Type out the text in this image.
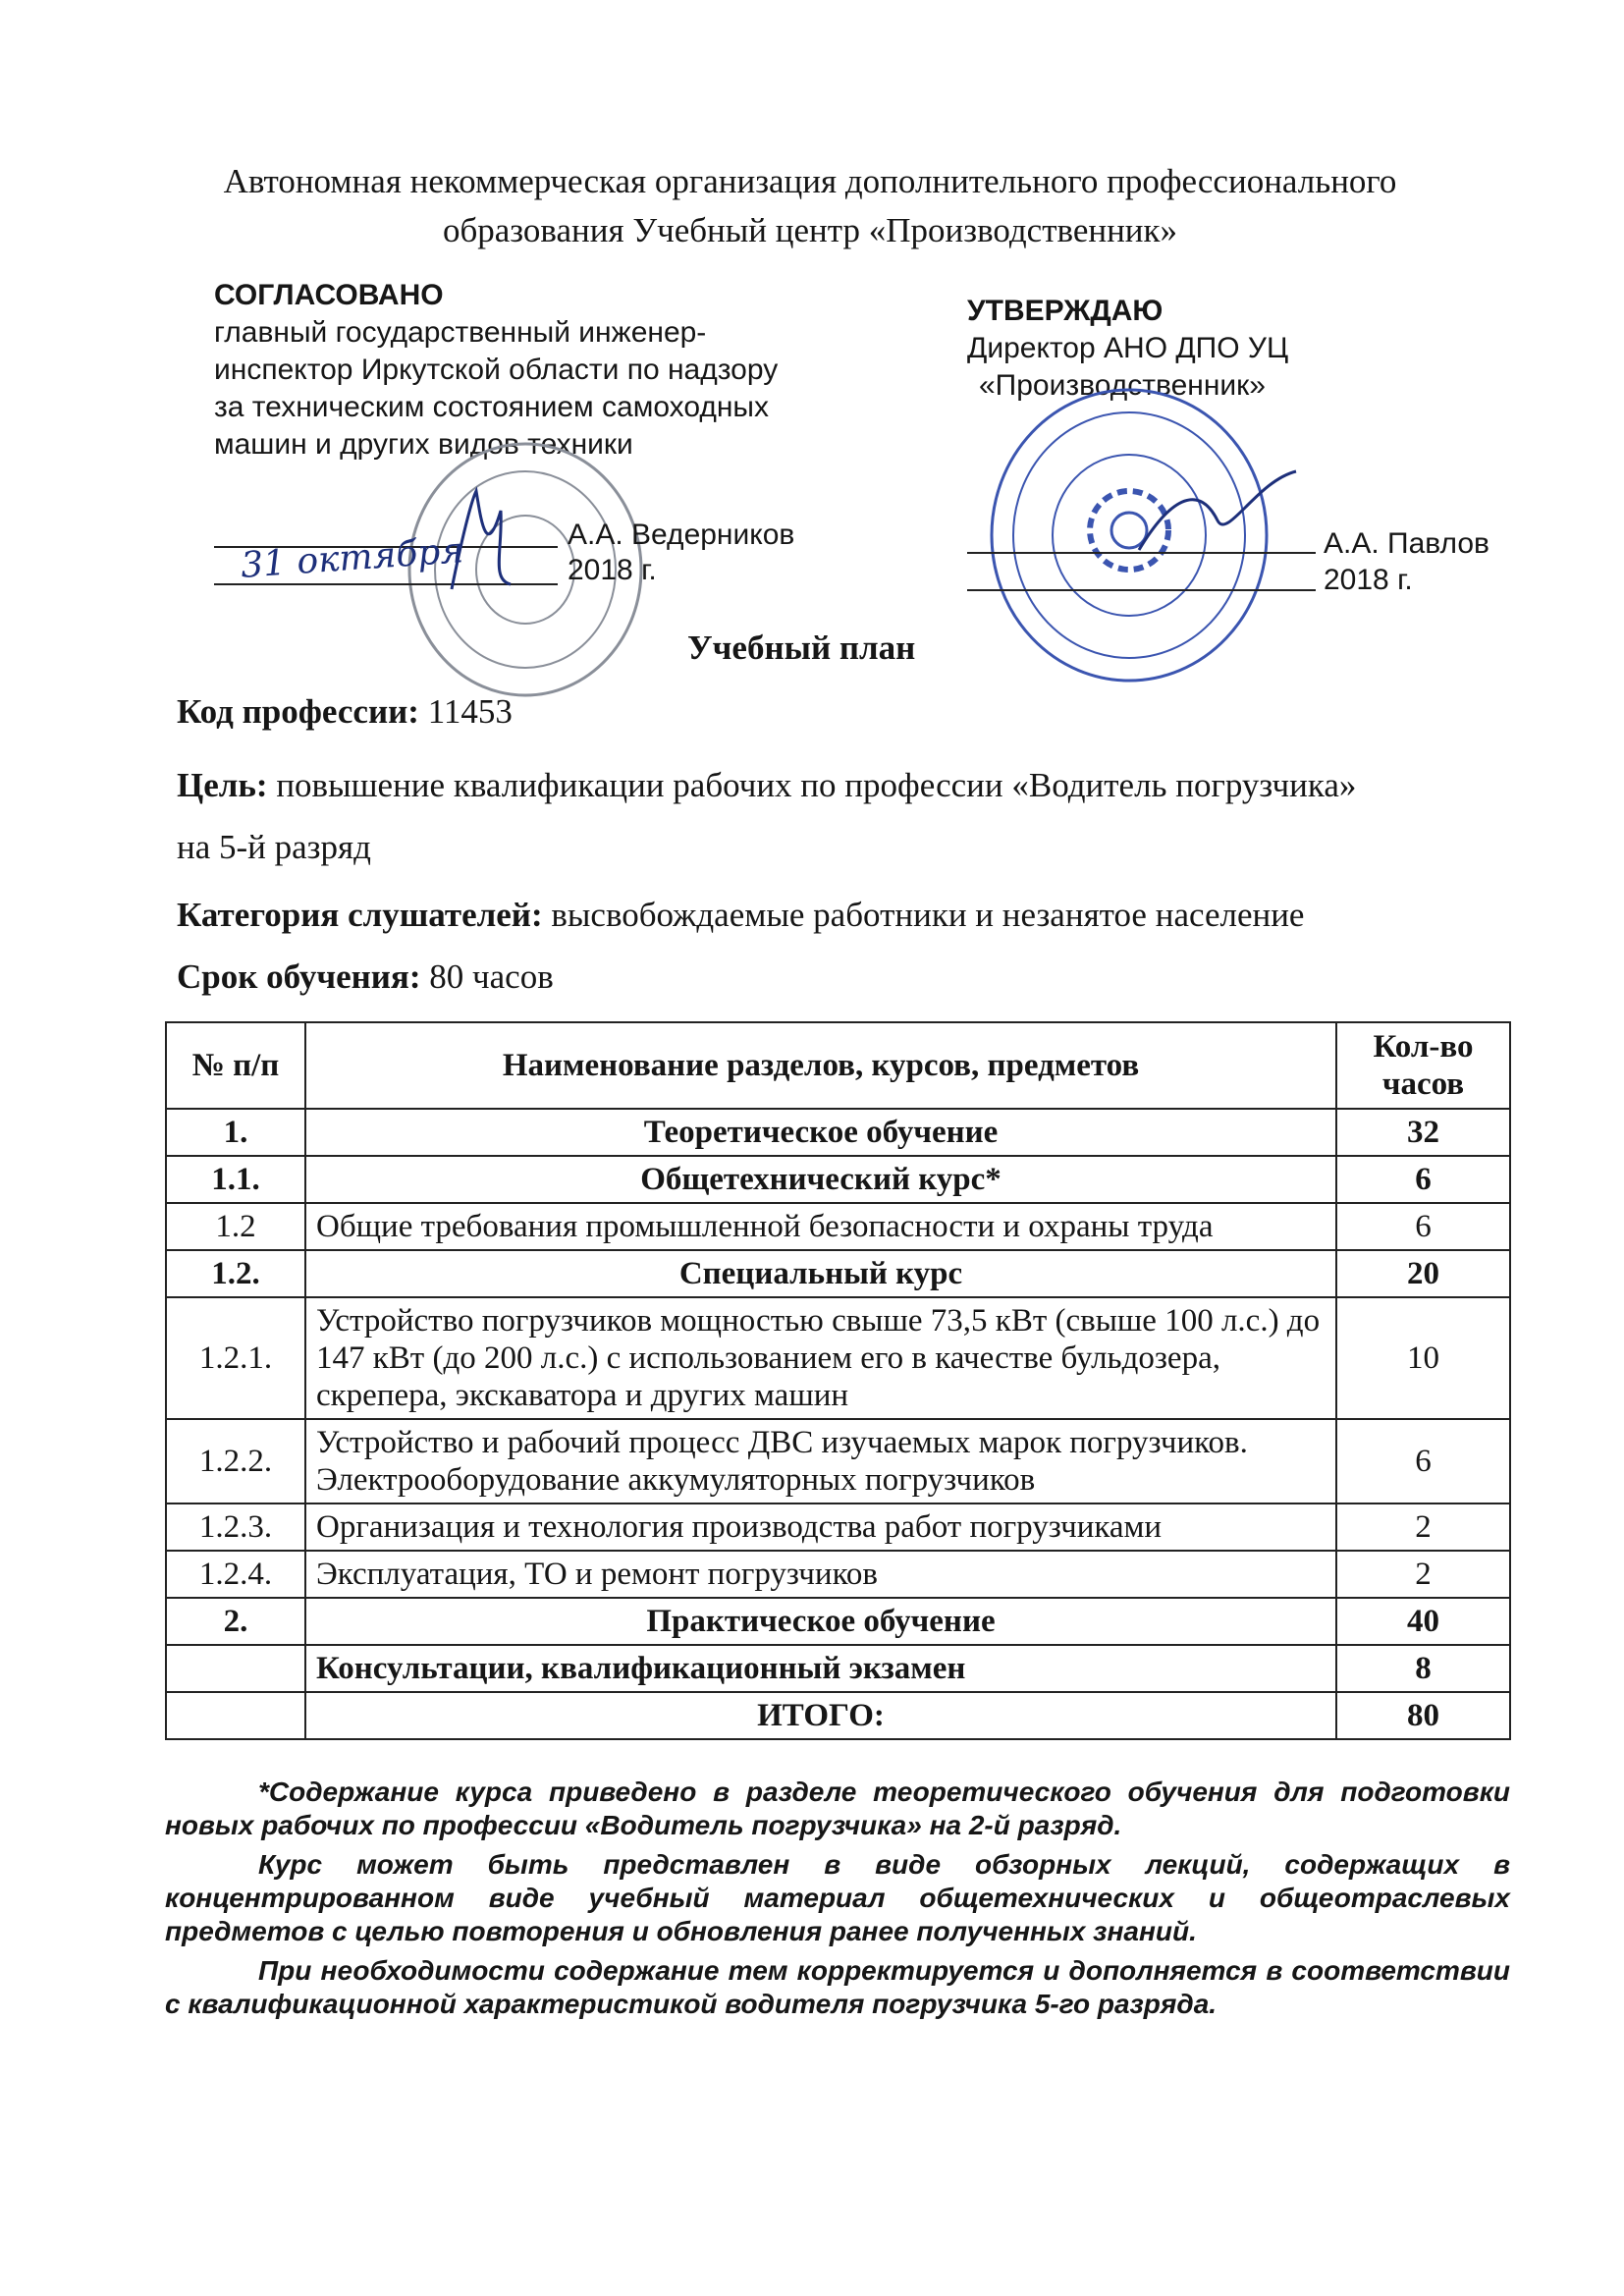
Автономная некоммерческая организация дополнительного профессионального
образования Учебный центр «Производственник»
СОГЛАСОВАНО
главный государственный инженер-
инспектор Иркутской области по надзору
за техническим состоянием самоходных
машин и других видов техники
31 октября	А.А. Ведерников
2018 г.
УТВЕРЖДАЮ
Директор АНО ДПО УЦ
«Производственник»
А.А. Павлов
2018 г.
Учебный план
Код профессии: 11453
Цель: повышение квалификации рабочих по профессии «Водитель погрузчика»
на 5-й разряд
Категория слушателей: высвобождаемые работники и незанятое население
Срок обучения: 80 часов
№ п/п	Наименование разделов, курсов, предметов	Кол-во часов
1.	Теоретическое обучение	32
1.1.	Общетехнический курс*	6
1.2	Общие требования промышленной безопасности и охраны труда	6
1.2.	Специальный курс	20
1.2.1.	Устройство погрузчиков мощностью свыше 73,5 кВт (свыше 100 л.с.) до 147 кВт (до 200 л.с.) с использованием его в качестве бульдозера, скрепера, экскаватора и других машин	10
1.2.2.	Устройство и рабочий процесс ДВС изучаемых марок погрузчиков. Электрооборудование аккумуляторных погрузчиков	6
1.2.3.	Организация и технология производства работ погрузчиками	2
1.2.4.	Эксплуатация, ТО и ремонт погрузчиков	2
2.	Практическое обучение	40
	Консультации, квалификационный экзамен	8
	ИТОГО:	80

*Содержание курса приведено в разделе теоретического обучения для подготовки новых рабочих по профессии «Водитель погрузчика» на 2-й разряд.

Курс может быть представлен в виде обзорных лекций, содержащих в концентрированном виде учебный материал общетехнических и общеотраслевых предметов с целью повторения и обновления ранее полученных знаний.

При необходимости содержание тем корректируется и дополняется в соответствии с квалификационной характеристикой водителя погрузчика 5-го разряда.
